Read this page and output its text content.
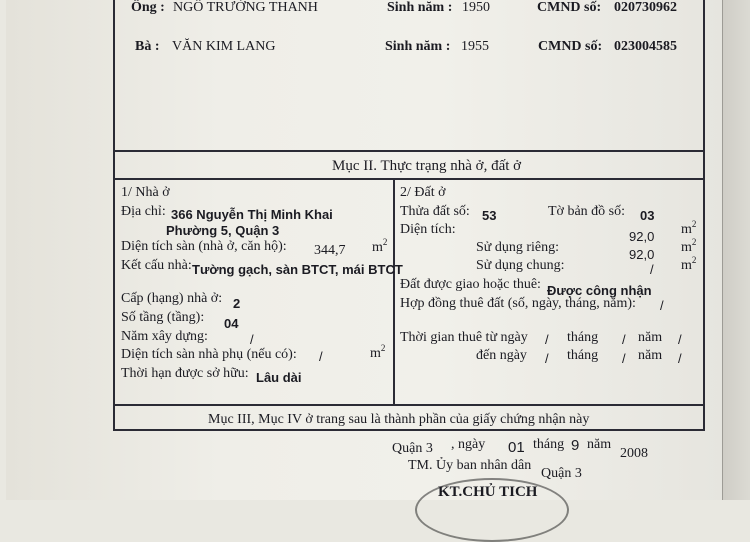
Ông : NGÔ TRƯỜNG THANH	Sinh năm : 1950	CMND số: 020730962
Bà : VĂN KIM LANG	Sinh năm : 1955	CMND số: 023004585
Mục II. Thực trạng nhà ở, đất ở
1/ Nhà ở
Địa chỉ: 366 Nguyễn Thị Minh Khai
Phường 5, Quận 3
Diện tích sàn (nhà ở, căn hộ): 344,7 $m^2$
Kết cấu nhà: Tường gạch, sàn BTCT, mái BTCT
Cấp (hạng) nhà ở: 2
Số tầng (tầng): 04
Năm xây dựng:	/
Diện tích sàn nhà phụ (nếu có): /	$m^2$
Thời hạn được sở hữu: Lâu dài
2/ Đất ở
Thửa đất số: 53	Tờ bản đồ số: 03
Diện tích:	92,0 $m^2$
Sử dụng riêng:	92,0 $m^2$
Sử dụng chung:	/ $m^2$
Đất được giao hoặc thuê: Được công nhận
Hợp đồng thuê đất (số, ngày, tháng, năm): /
Thời gian thuê từ ngày / tháng / năm /
đến ngày / tháng / năm /
Mục III, Mục IV ở trang sau là thành phần của giấy chứng nhận này
Quận 3 , ngày 01 tháng 9 năm
2008
TM. Ủy ban nhân dân
Quận 3
KT.CHỦ TICH
